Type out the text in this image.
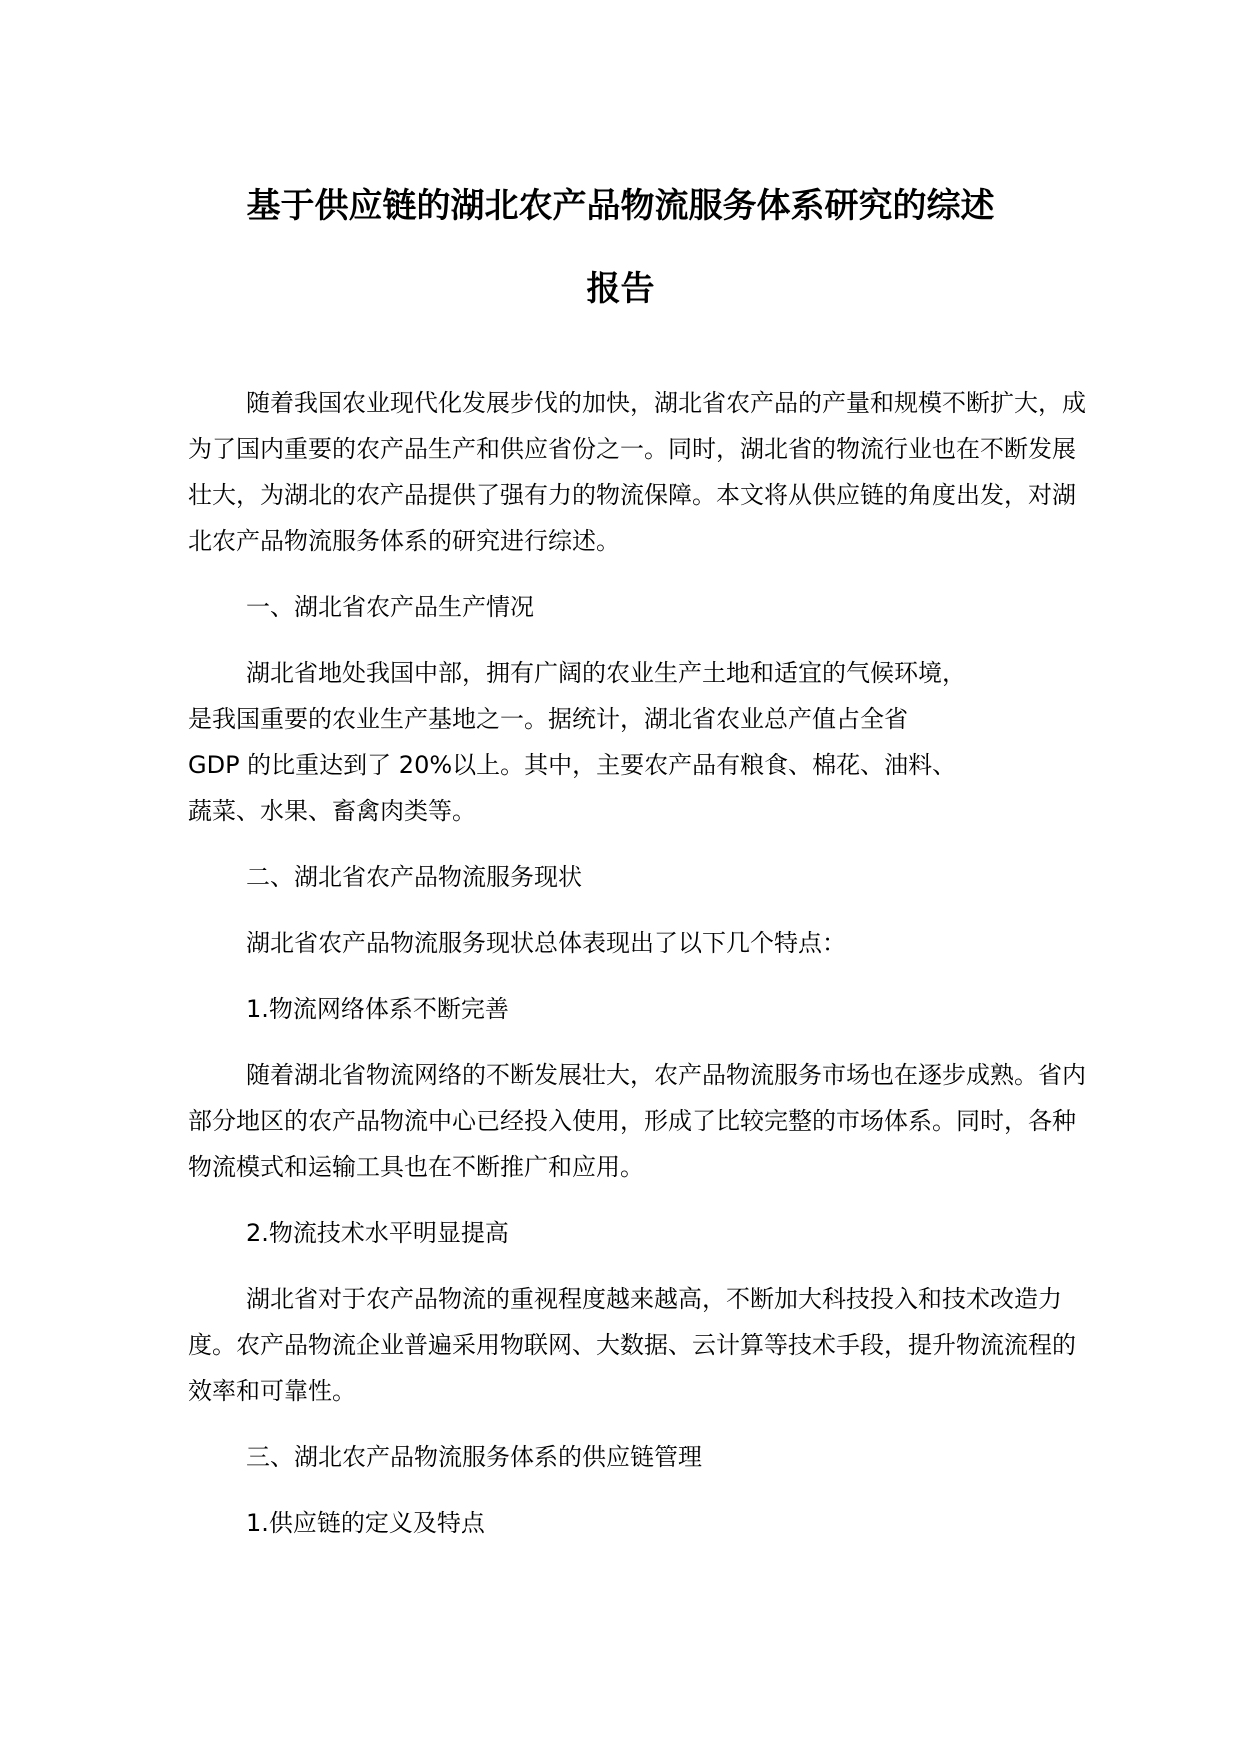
基于供应链的湖北农产品物流服务体系研究的综述
报告

随着我国农业现代化发展步伐的加快，湖北省农产品的产量和规模不断扩大，成为了国内重要的农产品生产和供应省份之一。同时，湖北省的物流行业也在不断发展壮大，为湖北的农产品提供了强有力的物流保障。本文将从供应链的角度出发，对湖北农产品物流服务体系的研究进行综述。

一、湖北省农产品生产情况

湖北省地处我国中部，拥有广阔的农业生产土地和适宜的气候环境，
是我国重要的农业生产基地之一。据统计，湖北省农业总产值占全省
GDP 的比重达到了 20%以上。其中，主要农产品有粮食、棉花、油料、
蔬菜、水果、畜禽肉类等。

二、湖北省农产品物流服务现状

湖北省农产品物流服务现状总体表现出了以下几个特点：

1.物流网络体系不断完善

随着湖北省物流网络的不断发展壮大，农产品物流服务市场也在逐步成熟。省内部分地区的农产品物流中心已经投入使用，形成了比较完整的市场体系。同时，各种物流模式和运输工具也在不断推广和应用。

2.物流技术水平明显提高

湖北省对于农产品物流的重视程度越来越高，不断加大科技投入和技术改造力度。农产品物流企业普遍采用物联网、大数据、云计算等技术手段，提升物流流程的效率和可靠性。

三、湖北农产品物流服务体系的供应链管理

1.供应链的定义及特点
